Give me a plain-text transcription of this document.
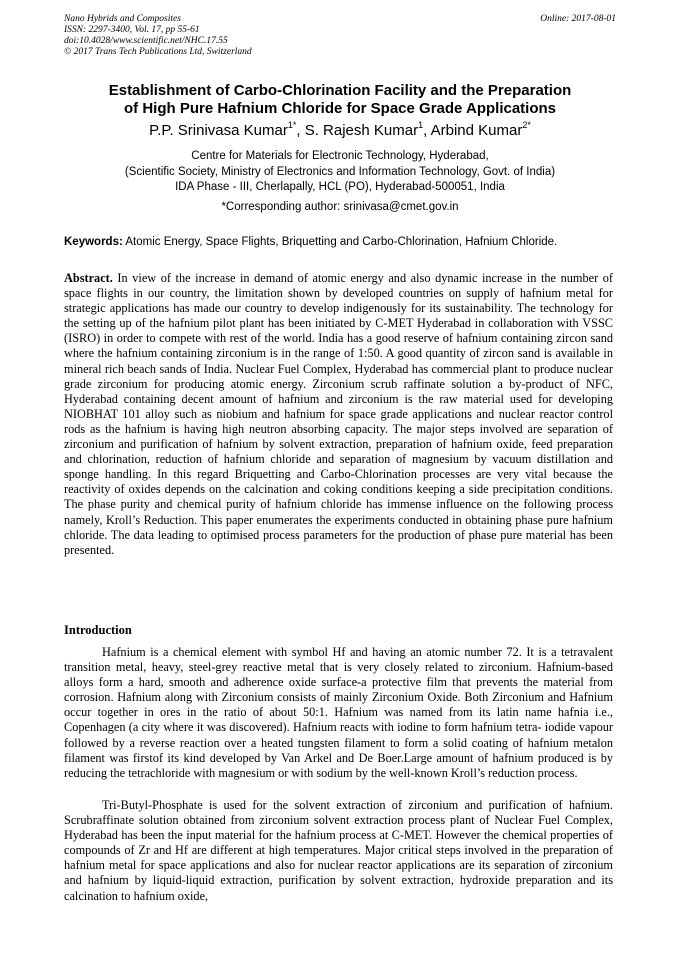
Nano Hybrids and Composites
ISSN: 2297-3400, Vol. 17, pp 55-61
doi:10.4028/www.scientific.net/NHC.17.55
© 2017 Trans Tech Publications Ltd, Switzerland
Online: 2017-08-01
Establishment of Carbo-Chlorination Facility and the Preparation
of High Pure Hafnium Chloride for Space Grade Applications
P.P. Srinivasa Kumar$^{1*}$, S. Rajesh Kumar$^1$, Arbind Kumar$^{2*}$
Centre for Materials for Electronic Technology, Hyderabad,
(Scientific Society, Ministry of Electronics and Information Technology, Govt. of India)
IDA Phase - III, Cherlapally, HCL (PO), Hyderabad-500051, India
*Corresponding author: srinivasa@cmet.gov.in
Keywords: Atomic Energy, Space Flights, Briquetting and Carbo-Chlorination, Hafnium Chloride.
Abstract. In view of the increase in demand of atomic energy and also dynamic increase in the number of space flights in our country, the limitation shown by developed countries on supply of hafnium metal for strategic applications has made our country to develop indigenously for its sustainability. The technology for the setting up of the hafnium pilot plant has been initiated by C-MET Hyderabad in collaboration with VSSC (ISRO) in order to compete with rest of the world. India has a good reserve of hafnium containing zircon sand where the hafnium containing zirconium is in the range of 1:50. A good quantity of zircon sand is available in mineral rich beach sands of India. Nuclear Fuel Complex, Hyderabad has commercial plant to produce nuclear grade zirconium for producing atomic energy. Zirconium scrub raffinate solution a by-product of NFC, Hyderabad containing decent amount of hafnium and zirconium is the raw material used for developing NIOBHAT 101 alloy such as niobium and hafnium for space grade applications and nuclear reactor control rods as the hafnium is having high neutron absorbing capacity. The major steps involved are separation of zirconium and purification of hafnium by solvent extraction, preparation of hafnium oxide, feed preparation and chlorination, reduction of hafnium chloride and separation of magnesium by vacuum distillation and sponge handling. In this regard Briquetting and Carbo-Chlorination processes are very vital because the reactivity of oxides depends on the calcination and coking conditions keeping a side precipitation conditions. The phase purity and chemical purity of hafnium chloride has immense influence on the following process namely, Kroll’s Reduction. This paper enumerates the experiments conducted in obtaining phase pure hafnium chloride. The data leading to optimised process parameters for the production of phase pure material has been presented.
Introduction
Hafnium is a chemical element with symbol Hf and having an atomic number 72. It is a tetravalent transition metal, heavy, steel-grey reactive metal that is very closely related to zirconium. Hafnium-based alloys form a hard, smooth and adherence oxide surface-a protective film that prevents the material from corrosion. Hafnium along with Zirconium consists of mainly Zirconium Oxide. Both Zirconium and Hafnium occur together in ores in the ratio of about 50:1. Hafnium was named from its latin name hafnia i.e., Copenhagen (a city where it was discovered). Hafnium reacts with iodine to form hafnium tetra- iodide vapour followed by a reverse reaction over a heated tungsten filament to form a solid coating of hafnium metalon filament was firstof its kind developed by Van Arkel and De Boer.Large amount of hafnium produced is by reducing the tetrachloride with magnesium or with sodium by the well-known Kroll’s reduction process.
Tri-Butyl-Phosphate is used for the solvent extraction of zirconium and purification of hafnium. Scrubraffinate solution obtained from zirconium solvent extraction process plant of Nuclear Fuel Complex, Hyderabad has been the input material for the hafnium process at C-MET. However the chemical properties of compounds of Zr and Hf are different at high temperatures. Major critical steps involved in the preparation of hafnium metal for space applications and also for nuclear reactor applications are its separation of zirconium and hafnium by liquid-liquid extraction, purification by solvent extraction, hydroxide preparation and its calcination to hafnium oxide,
